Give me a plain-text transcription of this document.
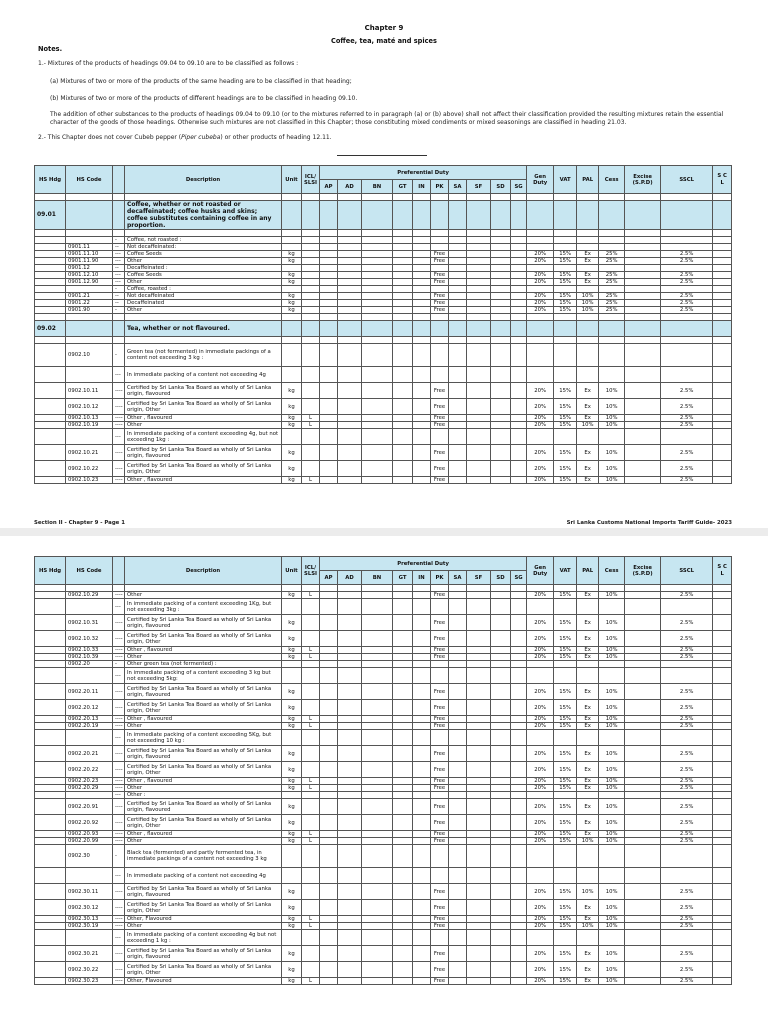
Chapter 9
Coffee, tea, maté and spices
Notes.
1.- Mixtures of the products of headings 09.04 to 09.10 are to be classified as follows :
(a) Mixtures of two or more of the products of the same heading are to be classified in that heading;
(b) Mixtures of two or more of the products of different headings are to be classified in heading 09.10.
The addition of other substances to the products of headings 09.04 to 09.10 (or to the mixtures referred to in paragraph (a) or (b) above) shall not affect their classification provided the resulting mixtures retain the essential
character of the goods of those headings. Otherwise such mixtures are not classified in this Chapter; those constituting mixed condiments or mixed seasonings are classified in heading 21.03.
2.- This Chapter does not cover Cubeb pepper (Piper cubeba) or other products of heading 12.11.
HS Hdg	HS Code		Description	Unit	ICL/ SLSI	Preferential Duty										Gen Duty	VAT	PAL	Cess	Excise (S.P.D)	SSCL	S C L
						AP	AD	BN	GT	IN	PK	SA	SF	SD	SG							

09.01			Coffee, whether or not roasted or decaffeinated; coffee husks and skins; coffee substitutes containing coffee in any proportion.																			

		-	Coffee, not roasted :																			
	0901.11	--	Not decaffeinated:																			
	0901.11.10	---	Coffee Seeds	kg							Free					20%	15%	Ex	25%		2.5%	
	0901.11.90	---	Other	kg							Free					20%	15%	Ex	25%		2.5%	
	0901.12	--	Decaffeinated :																			
	0901.12.10	---	Coffee Seeds	kg							Free					20%	15%	Ex	25%		2.5%	
	0901.12.90	---	Other	kg							Free					20%	15%	Ex	25%		2.5%	
		-	Coffee, roasted :																			
	0901.21	--	Not decaffeinated	kg							Free					20%	15%	10%	25%		2.5%	
	0901.22	--	Decaffeinated	kg							Free					20%	15%	10%	25%		2.5%	
	0901.90	-	Other	kg							Free					20%	15%	10%	25%		2.5%	

09.02			Tea, whether or not flavoured.																			

	0902.10	-	Green tea (not fermented) in immediate packings of a content not exceeding 3 kg :																			
		---	In immediate packing of a content not exceeding 4g																			
	0902.10.11	----	Certified by Sri Lanka Tea Board as wholly of Sri Lanka origin, flavoured	kg							Free					20%	15%	Ex	10%		2.5%	
	0902.10.12	----	Certified by Sri Lanka Tea Board as wholly of Sri Lanka origin, Other	kg							Free					20%	15%	Ex	10%		2.5%	
	0902.10.13	----	Other , flavoured	kg	L						Free					20%	15%	Ex	10%		2.5%	
	0902.10.19	----	Other	kg	L						Free					20%	15%	10%	10%		2.5%	
		---	In immediate packing of a content exceeding 4g, but not exceeding 1kg :																			
	0902.10.21	----	Certified by Sri Lanka Tea Board as wholly of Sri Lanka origin, flavoured	kg							Free					20%	15%	Ex	10%		2.5%	
	0902.10.22	----	Certified by Sri Lanka Tea Board as wholly of Sri Lanka origin, Other	kg							Free					20%	15%	Ex	10%		2.5%	
	0902.10.23	----	Other , flavoured	kg	L						Free					20%	15%	Ex	10%		2.5%	
Section II - Chapter 9 - Page 1	Sri Lanka Customs National Imports Tariff Guide- 2023
HS Hdg	HS Code		Description	Unit	ICL/ SLSI	Preferential Duty										Gen Duty	VAT	PAL	Cess	Excise (S.P.D)	SSCL	S C L
						AP	AD	BN	GT	IN	PK	SA	SF	SD	SG							

	0902.10.29	----	Other	kg	L						Free					20%	15%	Ex	10%		2.5%	
		---	In immediate packing of a content exceeding 1Kg, but not exceeding 3kg :																			
	0902.10.31	----	Certified by Sri Lanka Tea Board as wholly of Sri Lanka origin, flavoured	kg							Free					20%	15%	Ex	10%		2.5%	
	0902.10.32	----	Certified by Sri Lanka Tea Board as wholly of Sri Lanka origin, Other	kg							Free					20%	15%	Ex	10%		2.5%	
	0902.10.33	----	Other , flavoured	kg	L						Free					20%	15%	Ex	10%		2.5%	
	0902.10.39	----	Other	kg	L						Free					20%	15%	Ex	10%		2.5%	
	0902.20	-	Other green tea (not fermented) :																			
		---	In immediate packing of a content exceeding 3 kg but not exceeding 5kg:																			
	0902.20.11	----	Certified by Sri Lanka Tea Board as wholly of Sri Lanka origin, flavoured	kg							Free					20%	15%	Ex	10%		2.5%	
	0902.20.12	----	Certified by Sri Lanka Tea Board as wholly of Sri Lanka origin, Other	kg							Free					20%	15%	Ex	10%		2.5%	
	0902.20.13	----	Other , flavoured	kg	L						Free					20%	15%	Ex	10%		2.5%	
	0902.20.19	----	Other	kg	L						Free					20%	15%	Ex	10%		2.5%	
		---	In immediate packing of a content exceeding 5Kg, but not exceeding 10 kg :																			
	0902.20.21	----	Certified by Sri Lanka Tea Board as wholly of Sri Lanka origin, flavoured	kg							Free					20%	15%	Ex	10%		2.5%	
	0902.20.22	----	Certified by Sri Lanka Tea Board as wholly of Sri Lanka origin, Other	kg							Free					20%	15%	Ex	10%		2.5%	
	0902.20.23	----	Other , flavoured	kg	L						Free					20%	15%	Ex	10%		2.5%	
	0902.20.29	----	Other	kg	L						Free					20%	15%	Ex	10%		2.5%	
		---	Other :																			
	0902.20.91	----	Certified by Sri Lanka Tea Board as wholly of Sri Lanka origin, flavoured	kg							Free					20%	15%	Ex	10%		2.5%	
	0902.20.92	----	Certified by Sri Lanka Tea Board as wholly of Sri Lanka origin, Other	kg							Free					20%	15%	Ex	10%		2.5%	
	0902.20.93	----	Other , flavoured	kg	L						Free					20%	15%	Ex	10%		2.5%	
	0902.20.99	----	Other	kg	L						Free					20%	15%	10%	10%		2.5%	
	0902.30	-	Black tea (fermented) and partly fermented tea, in immediate packings of a content not exceeding 3 kg																			
		---	In immediate packing of a content not exceeding 4g																			
	0902.30.11	----	Certified by Sri Lanka Tea Board as wholly of Sri Lanka origin, flavoured	kg							Free					20%	15%	10%	10%		2.5%	
	0902.30.12	----	Certified by Sri Lanka Tea Board as wholly of Sri Lanka origin, Other	kg							Free					20%	15%	Ex	10%		2.5%	
	0902.30.13	----	Other, Flavoured	kg	L						Free					20%	15%	Ex	10%		2.5%	
	0902.30.19	----	Other	kg	L						Free					20%	15%	10%	10%		2.5%	
		---	In immediate packing of a content exceeding 4g but not exceeding 1 kg :																			
	0902.30.21	----	Certified by Sri Lanka Tea Board as wholly of Sri Lanka origin, flavoured	kg							Free					20%	15%	Ex	10%		2.5%	
	0902.30.22	----	Certified by Sri Lanka Tea Board as wholly of Sri Lanka origin, Other	kg							Free					20%	15%	Ex	10%		2.5%	
	0902.30.23	----	Other, Flavoured	kg	L						Free					20%	15%	Ex	10%		2.5%	
